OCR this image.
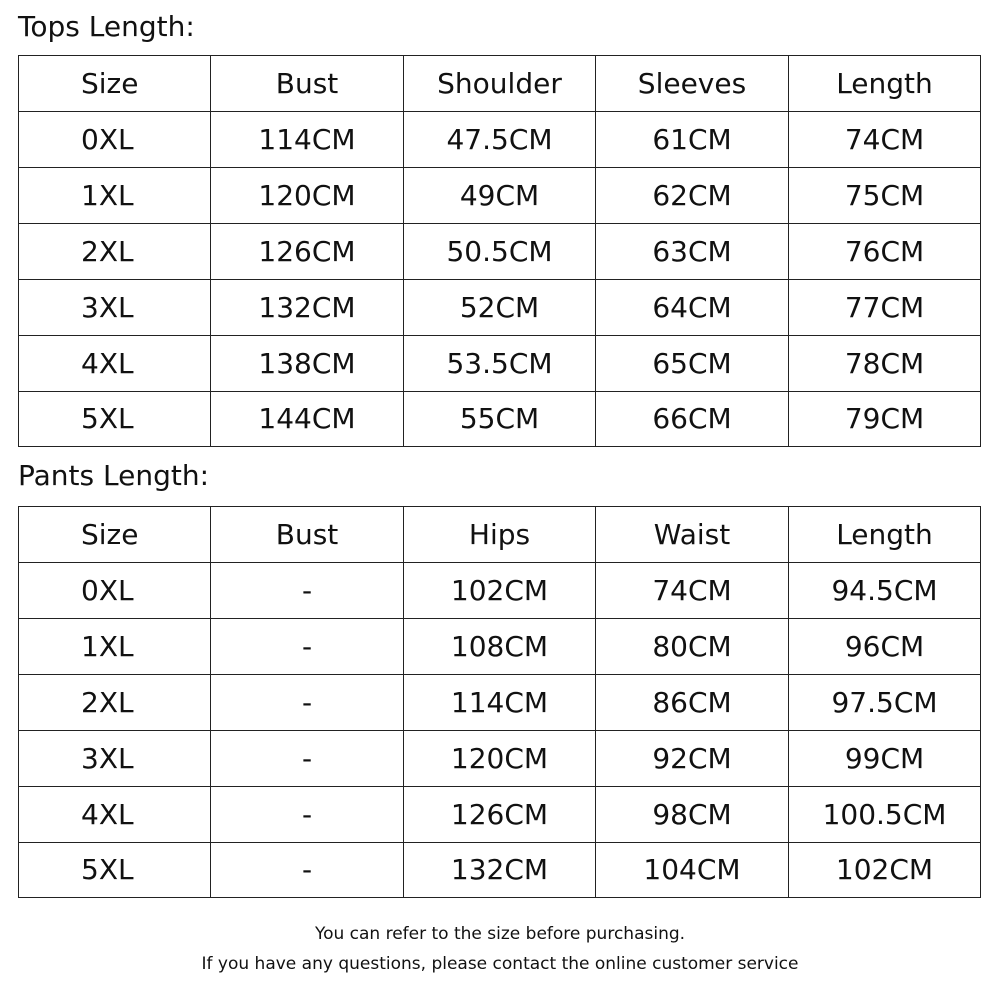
Tops Length:
Size	Bust	Shoulder	Sleeves	Length
0XL	114CM	47.5CM	61CM	74CM
1XL	120CM	49CM	62CM	75CM
2XL	126CM	50.5CM	63CM	76CM
3XL	132CM	52CM	64CM	77CM
4XL	138CM	53.5CM	65CM	78CM
5XL	144CM	55CM	66CM	79CM
Pants Length:
Size	Bust	Hips	Waist	Length
0XL	-	102CM	74CM	94.5CM
1XL	-	108CM	80CM	96CM
2XL	-	114CM	86CM	97.5CM
3XL	-	120CM	92CM	99CM
4XL	-	126CM	98CM	100.5CM
5XL	-	132CM	104CM	102CM
You can refer to the size before purchasing.
If you have any questions, please contact the online customer service
